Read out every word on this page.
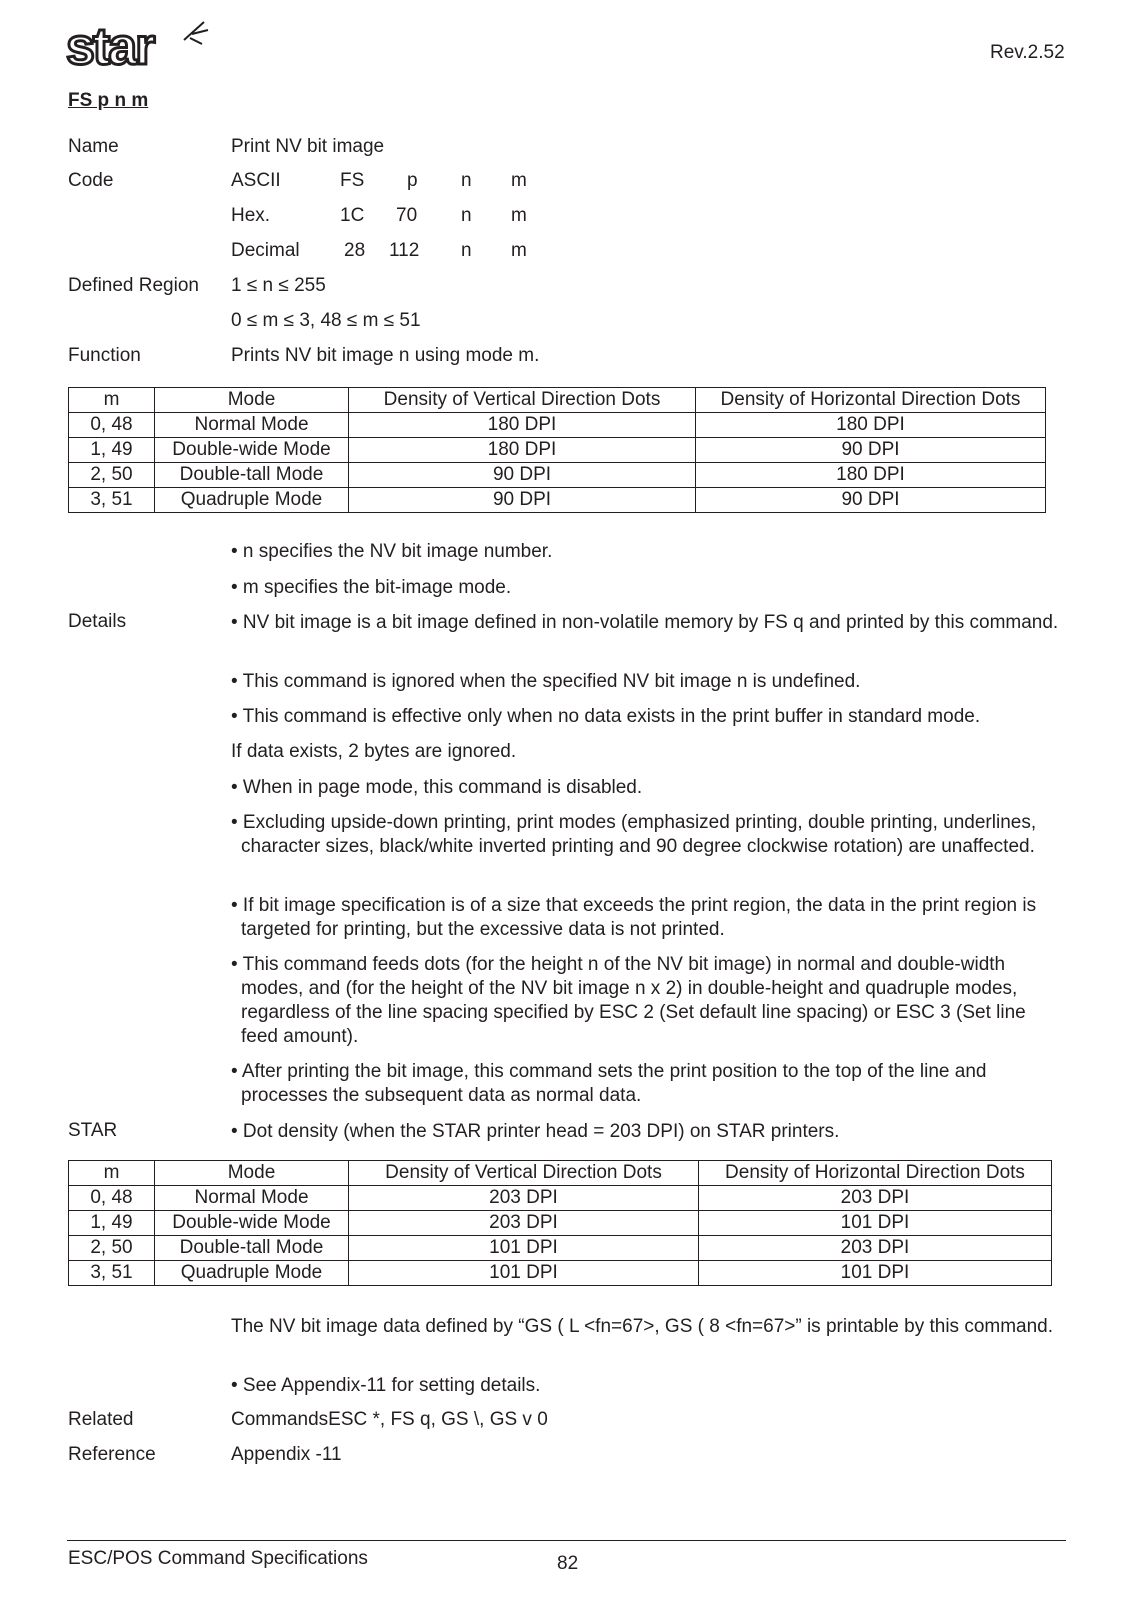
star	Rev.2.52
FS p n m
Name	Print NV bit image
Code	ASCII	FS p n m
Hex.	1C 70 n m
Decimal 28 112 n m
Defined Region 1 ≤ n ≤ 255
0 ≤ m ≤ 3, 48 ≤ m ≤ 51
Function	Prints NV bit image n using mode m.
m	Mode	Density of Vertical Direction Dots	Density of Horizontal Direction Dots
0, 48	Normal Mode	180 DPI	180 DPI
1, 49	Double-wide Mode	180 DPI	90 DPI
2, 50	Double-tall Mode	90 DPI	180 DPI
3, 51	Quadruple Mode	90 DPI	90 DPI
Details
• n specifies the NV bit image number.
• m specifies the bit-image mode.
• NV bit image is a bit image defined in non-volatile memory by FS q and printed by this command.
• This command is ignored when the specified NV bit image n is undefined.
• This command is effective only when no data exists in the print buffer in standard mode.
If data exists, 2 bytes are ignored.
• When in page mode, this command is disabled.
• Excluding upside-down printing, print modes (emphasized printing, double printing, underlines, character sizes, black/white inverted printing and 90 degree clockwise rotation) are unaffected.
• If bit image specification is of a size that exceeds the print region, the data in the print region is targeted for printing, but the excessive data is not printed.
• This command feeds dots (for the height n of the NV bit image) in normal and double-width modes, and (for the height of the NV bit image n x 2) in double-height and quadruple modes, regardless of the line spacing specified by ESC 2 (Set default line spacing) or ESC 3 (Set line feed amount).
• After printing the bit image, this command sets the print position to the top of the line and processes the subsequent data as normal data.
STAR	• Dot density (when the STAR printer head = 203 DPI) on STAR printers.
m	Mode	Density of Vertical Direction Dots	Density of Horizontal Direction Dots
0, 48	Normal Mode	203 DPI	203 DPI
1, 49	Double-wide Mode	203 DPI	101 DPI
2, 50	Double-tall Mode	101 DPI	203 DPI
3, 51	Quadruple Mode	101 DPI	101 DPI
The NV bit image data defined by “GS ( L <fn=67>, GS ( 8 <fn=67>” is printable by this command.
• See Appendix-11 for setting details.
Related	CommandsESC *, FS q, GS \, GS v 0
Reference	Appendix -11
ESC/POS Command Specifications	82
